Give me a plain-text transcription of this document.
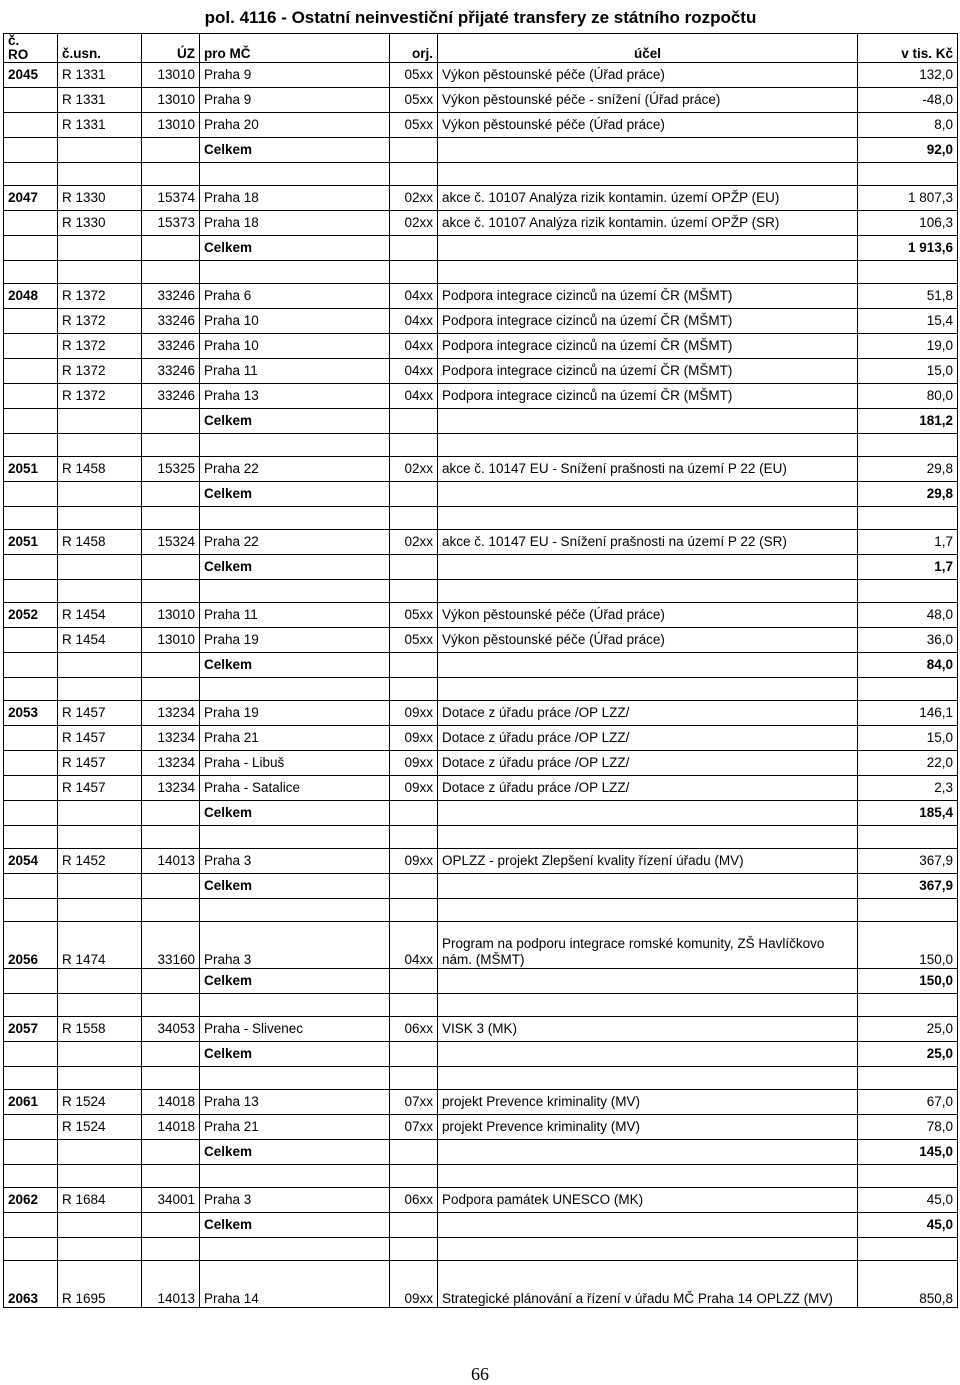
pol. 4116 - Ostatní neinvestiční přijaté transfery ze státního rozpočtu						
č.
RO	č.usn.	ÚZ	pro MČ	orj.	účel	v tis. Kč
2045	R 1331	13010	Praha 9	05xx	Výkon pěstounské péče (Úřad práce)	132,0
	R 1331	13010	Praha 9	05xx	Výkon pěstounské péče - snížení (Úřad práce)	-48,0
	R 1331	13010	Praha 20	05xx	Výkon pěstounské péče (Úřad práce)	8,0
			Celkem			92,0

2047	R 1330	15374	Praha 18	02xx	akce č. 10107 Analýza rizik kontamin. území OPŽP (EU)	1 807,3
	R 1330	15373	Praha 18	02xx	akce č. 10107 Analýza rizik kontamin. území OPŽP (SR)	106,3
			Celkem			1 913,6

2048	R 1372	33246	Praha 6	04xx	Podpora integrace cizinců na území ČR (MŠMT)	51,8
	R 1372	33246	Praha 10	04xx	Podpora integrace cizinců na území ČR (MŠMT)	15,4
	R 1372	33246	Praha 10	04xx	Podpora integrace cizinců na území ČR (MŠMT)	19,0
	R 1372	33246	Praha 11	04xx	Podpora integrace cizinců na území ČR (MŠMT)	15,0
	R 1372	33246	Praha 13	04xx	Podpora integrace cizinců na území ČR (MŠMT)	80,0
			Celkem			181,2

2051	R 1458	15325	Praha 22	02xx	akce č. 10147 EU - Snížení prašnosti na území P 22 (EU)	29,8
			Celkem			29,8

2051	R 1458	15324	Praha 22	02xx	akce č. 10147 EU - Snížení prašnosti na území P 22 (SR)	1,7
			Celkem			1,7

2052	R 1454	13010	Praha 11	05xx	Výkon pěstounské péče (Úřad práce)	48,0
	R 1454	13010	Praha 19	05xx	Výkon pěstounské péče (Úřad práce)	36,0
			Celkem			84,0

2053	R 1457	13234	Praha 19	09xx	Dotace z úřadu práce /OP LZZ/	146,1
	R 1457	13234	Praha 21	09xx	Dotace z úřadu práce /OP LZZ/	15,0
	R 1457	13234	Praha - Libuš	09xx	Dotace z úřadu práce /OP LZZ/	22,0
	R 1457	13234	Praha - Satalice	09xx	Dotace z úřadu práce /OP LZZ/	2,3
			Celkem			185,4

2054	R 1452	14013	Praha 3	09xx	OPLZZ - projekt Zlepšení kvality řízení úřadu (MV)	367,9
			Celkem			367,9

2056	R 1474	33160	Praha 3	04xx	Program na podporu integrace romské komunity, ZŠ Havlíčkovo nám. (MŠMT)	150,0
			Celkem			150,0

2057	R 1558	34053	Praha - Slivenec	06xx	VISK 3 (MK)	25,0
			Celkem			25,0

2061	R 1524	14018	Praha 13	07xx	projekt Prevence kriminality (MV)	67,0
	R 1524	14018	Praha 21	07xx	projekt Prevence kriminality (MV)	78,0
			Celkem			145,0

2062	R 1684	34001	Praha 3	06xx	Podpora památek UNESCO (MK)	45,0
			Celkem			45,0

2063	R 1695	14013	Praha 14	09xx	Strategické plánování a řízení v úřadu MČ Praha 14 OPLZZ (MV)	850,8
66
